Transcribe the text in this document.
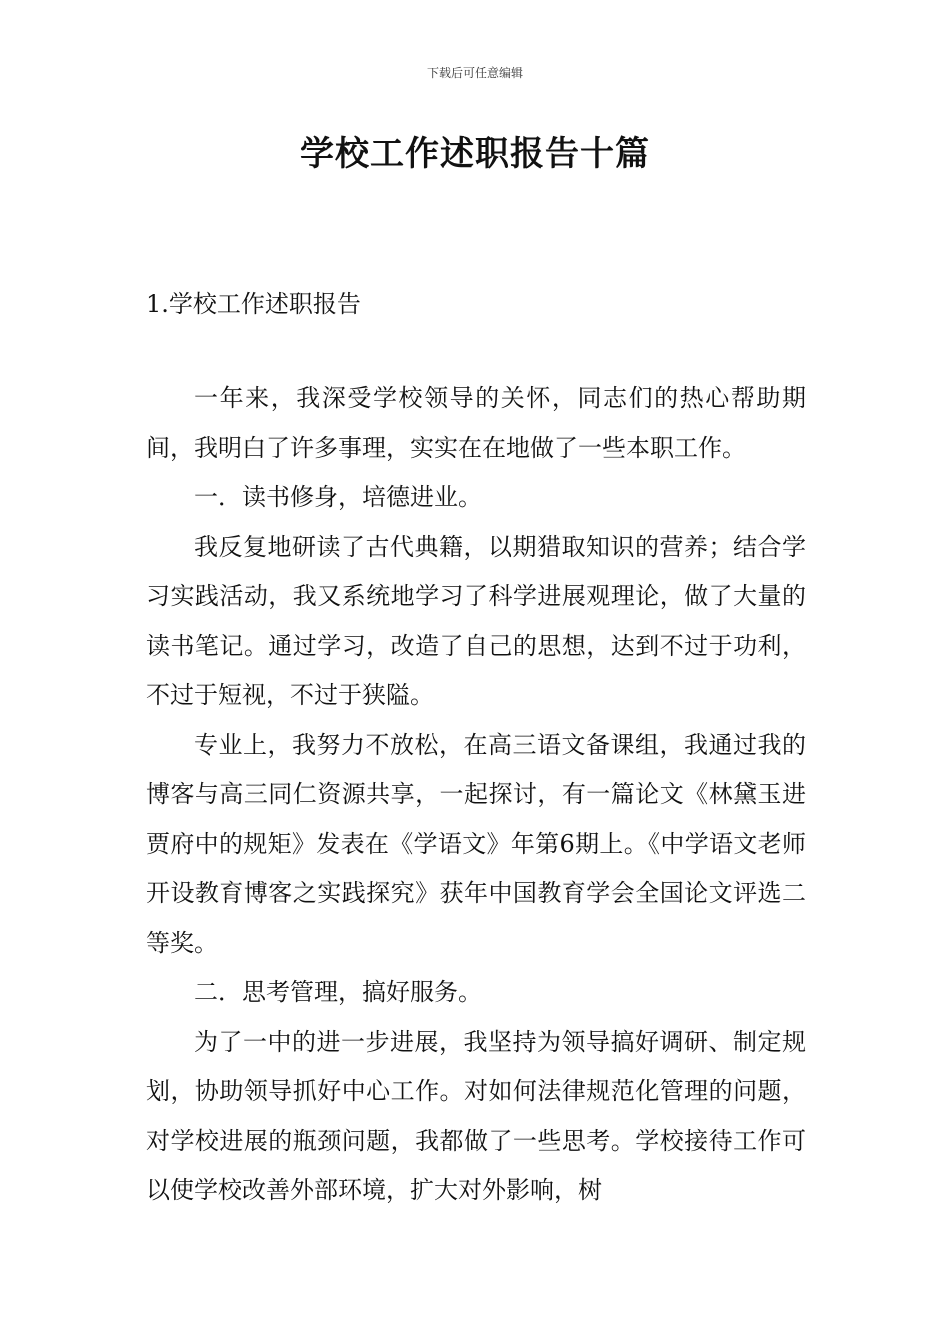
下载后可任意编辑
学校工作述职报告十篇
1.学校工作述职报告

一年来，我深受学校领导的关怀，同志们的热心帮助期间，我明白了许多事理，实实在在地做了一些本职工作。

一．读书修身，培德进业。

我反复地研读了古代典籍，以期猎取知识的营养；结合学习实践活动，我又系统地学习了科学进展观理论，做了大量的读书笔记。通过学习，改造了自己的思想，达到不过于功利，不过于短视，不过于狭隘。

专业上，我努力不放松，在高三语文备课组，我通过我的博客与高三同仁资源共享，一起探讨，有一篇论文《林黛玉进贾府中的规矩》发表在《学语文》年第6期上。《中学语文老师开设教育博客之实践探究》获年中国教育学会全国论文评选二等奖。

二．思考管理，搞好服务。

为了一中的进一步进展，我坚持为领导搞好调研、制定规划，协助领导抓好中心工作。对如何法律规范化管理的问题，对学校进展的瓶颈问题，我都做了一些思考。学校接待工作可以使学校改善外部环境，扩大对外影响，树
